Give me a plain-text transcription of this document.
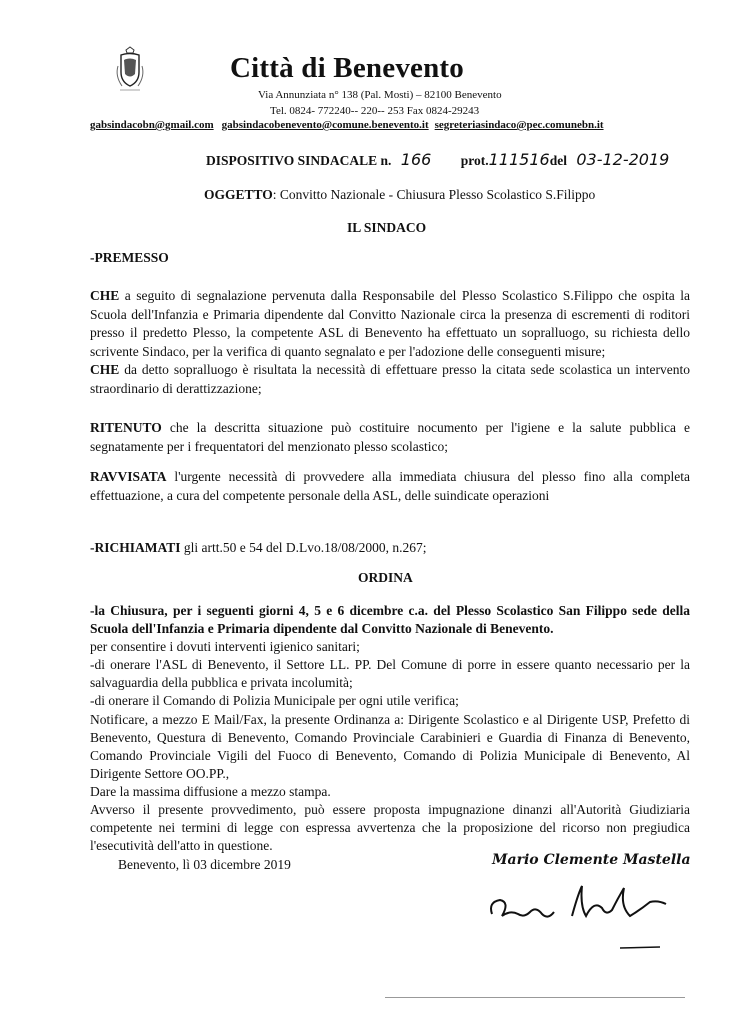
Città di Benevento
Via Annunziata n° 138 (Pal. Mosti) – 82100 Benevento
Tel. 0824- 772240-- 220-- 253 Fax 0824-29243
gabsindacobn@gmail.com gabsindacobenevento@comune.benevento.it segreteriasindaco@pec.comunebn.it
DISPOSITIVO SINDACALE n. 166 prot.111516del 03-12-2019
OGGETTO: Convitto Nazionale - Chiusura Plesso Scolastico S.Filippo
IL SINDACO
-PREMESSO
CHE a seguito di segnalazione pervenuta dalla Responsabile del Plesso Scolastico S.Filippo che ospita la Scuola dell'Infanzia e Primaria dipendente dal Convitto Nazionale circa la presenza di escrementi di roditori presso il predetto Plesso, la competente ASL di Benevento ha effettuato un sopralluogo, su richiesta dello scrivente Sindaco, per la verifica di quanto segnalato e per l'adozione delle conseguenti misure;
CHE da detto sopralluogo è risultata la necessità di effettuare presso la citata sede scolastica un intervento straordinario di derattizzazione;
RITENUTO che la descritta situazione può costituire nocumento per l'igiene e la salute pubblica e segnatamente per i frequentatori del menzionato plesso scolastico;
RAVVISATA l'urgente necessità di provvedere alla immediata chiusura del plesso fino alla completa effettuazione, a cura del competente personale della ASL, delle suindicate operazioni
-RICHIAMATI gli artt.50 e 54 del D.Lvo.18/08/2000, n.267;
ORDINA

-la Chiusura, per i seguenti giorni 4, 5 e 6 dicembre c.a. del Plesso Scolastico San Filippo sede della Scuola dell'Infanzia e Primaria dipendente dal Convitto Nazionale di Benevento.

per consentire i dovuti interventi igienico sanitari;

-di onerare l'ASL di Benevento, il Settore LL. PP. Del Comune di porre in essere quanto necessario per la salvaguardia della pubblica e privata incolumità;

-di onerare il Comando di Polizia Municipale per ogni utile verifica;

Notificare, a mezzo E Mail/Fax, la presente Ordinanza a: Dirigente Scolastico e al Dirigente USP, Prefetto di Benevento, Questura di Benevento, Comando Provinciale Carabinieri e Guardia di Finanza di Benevento, Comando Provinciale Vigili del Fuoco di Benevento, Comando di Polizia Municipale di Benevento, Al Dirigente Settore OO.PP.,

Dare la massima diffusione a mezzo stampa.

Avverso il presente provvedimento, può essere proposta impugnazione dinanzi all'Autorità Giudiziaria competente nei termini di legge con espressa avvertenza che la proposizione del ricorso non pregiudica l'esecutività dell'atto in questione.

Benevento, lì 03 dicembre 2019	Mario Clemente Mastella
